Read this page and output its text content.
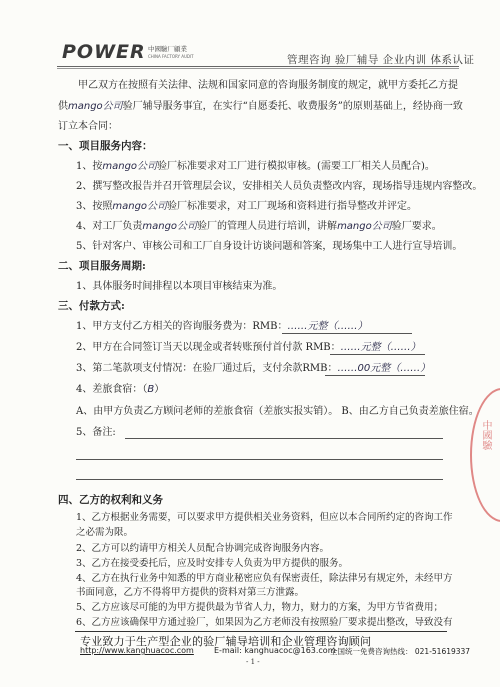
POWER 中國驗厂顧業
CHINA FACTORY AUDIT	管理咨询 验厂辅导 企业内训 体系认证
甲乙双方在按照有关法律、法规和国家同意的咨询服务制度的规定，就甲方委托乙方提
供mango公司验厂辅导服务事宜，在实行“自愿委托、收费服务”的原则基础上，经协商一致
订立本合同：
一、项目服务内容：
1、按mango公司验厂标准要求对工厂进行模拟审核。(需要工厂相关人员配合)。
2、撰写整改报告并召开管理层会议，安排相关人员负责整改内容，现场指导违规内容整改。
3、按照mango公司验厂标准要求，对工厂现场和资料进行指导整改并评定。
4、对工厂负责mango公司验厂的管理人员进行培训，讲解mango公司验厂要求。
5、针对客户、审核公司和工厂自身设计访谈问题和答案，现场集中工人进行宣导培训。
二、项目服务周期:
1、具体服务时间排程以本项目审核结束为准。
三、付款方式:
1、甲方支付乙方相关的咨询服务费为：RMB：……元整（……）
2、甲方在合同签订当天以现金或者转账预付首付款 RMB：……元整（……）
3、第二笔款项支付情况：在验厂通过后，支付余款RMB：……00元整（……）
4、差旅食宿：（B）
A、由甲方负责乙方顾问老师的差旅食宿（差旅实报实销）。 B、由乙方自己负责差旅住宿。
5、备注:
四、乙方的权利和义务
1、乙方根据业务需要，可以要求甲方提供相关业务资料，但应以本合同所约定的咨询工作
之必需为限。
2、乙方可以约请甲方相关人员配合协调完成咨询服务内容。
3、乙方在接受委托后，应及时安排专人负责为甲方提供的服务。
4、乙方在执行业务中知悉的甲方商业秘密应负有保密责任，除法律另有规定外，未经甲方
书面同意，乙方不得将甲方提供的资料对第三方泄露。
中國驗
专业致力于生产型企业的验厂辅导培训和企业管理咨询顾问
http://www.kanghuacoc.com	E-mail: kanghuacoc@163.com
全国统一免费咨询热线： 021-51619337
- 1 -
5、乙方应该尽可能的为甲方提供最为节省人力，物力，财力的方案，为甲方节省费用；
6、乙方应该确保甲方通过验厂，如果因为乙方老师没有按照验厂要求提出整改，导致没有
